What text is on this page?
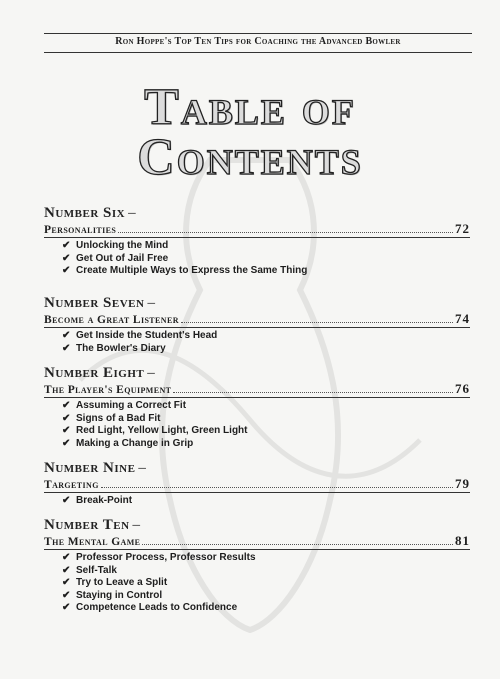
Ron Hoppe's Top Ten Tips for Coaching the Advanced Bowler
Table of
Contents
Number Six –
Personalities	72
✔ Unlocking the Mind
✔ Get Out of Jail Free
✔ Create Multiple Ways to Express the Same Thing
Number Seven –
Become a Great Listener	74
✔ Get Inside the Student's Head
✔ The Bowler's Diary
Number Eight –
The Player's Equipment	76
✔ Assuming a Correct Fit
✔ Signs of a Bad Fit
✔ Red Light, Yellow Light, Green Light
✔ Making a Change in Grip
Number Nine –
Targeting	79
✔ Break-Point
Number Ten –
The Mental Game	81
✔ Professor Process, Professor Results
✔ Self-Talk
✔ Try to Leave a Split
✔ Staying in Control
✔ Competence Leads to Confidence
